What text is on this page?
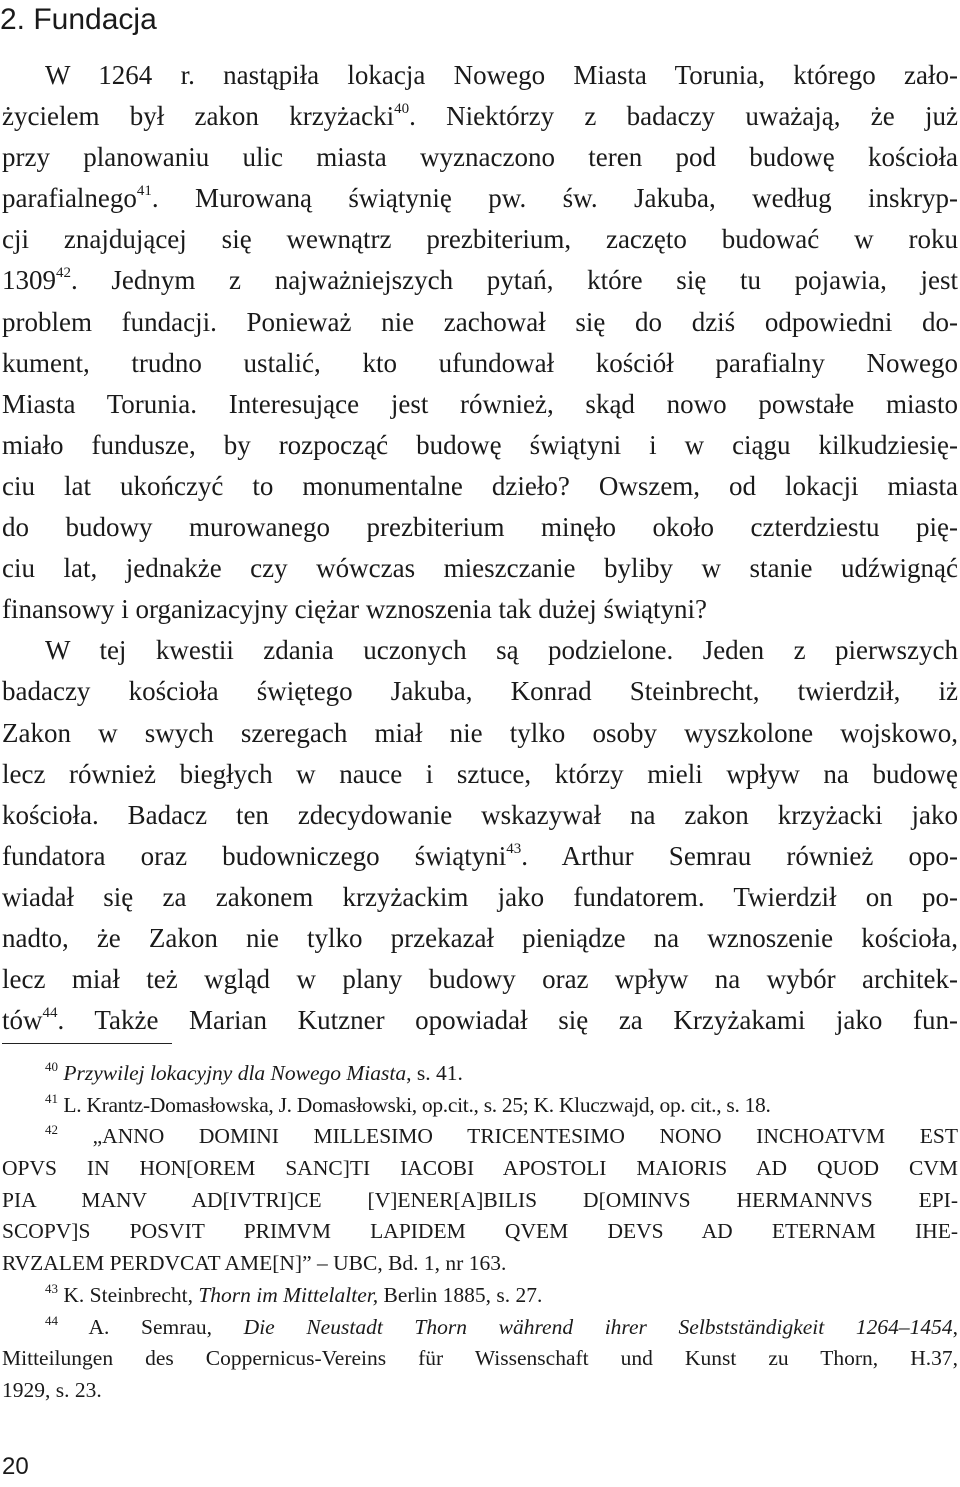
2. Fundacja
W 1264 r. nastąpiła lokacja Nowego Miasta Torunia, którego zało-
życielem był zakon krzyżacki$^{40}$. Niektórzy z badaczy uważają, że już
przy planowaniu ulic miasta wyznaczono teren pod budowę kościoła
parafialnego$^{41}$. Murowaną świątynię pw. św. Jakuba, według inskryp-
cji znajdującej się wewnątrz prezbiterium, zaczęto budować w roku
1309$^{42}$. Jednym z najważniejszych pytań, które się tu pojawia, jest
problem fundacji. Ponieważ nie zachował się do dziś odpowiedni do-
kument, trudno ustalić, kto ufundował kościół parafialny Nowego
Miasta Torunia. Interesujące jest również, skąd nowo powstałe miasto
miało fundusze, by rozpocząć budowę świątyni i w ciągu kilkudziesię-
ciu lat ukończyć to monumentalne dzieło? Owszem, od lokacji miasta
do budowy murowanego prezbiterium minęło około czterdziestu pię-
ciu lat, jednakże czy wówczas mieszczanie byliby w stanie udźwignąć
finansowy i organizacyjny ciężar wznoszenia tak dużej świątyni?
W tej kwestii zdania uczonych są podzielone. Jeden z pierwszych
badaczy kościoła świętego Jakuba, Konrad Steinbrecht, twierdził, iż
Zakon w swych szeregach miał nie tylko osoby wyszkolone wojskowo,
lecz również biegłych w nauce i sztuce, którzy mieli wpływ na budowę
kościoła. Badacz ten zdecydowanie wskazywał na zakon krzyżacki jako
fundatora oraz budowniczego świątyni$^{43}$. Arthur Semrau również opo-
wiadał się za zakonem krzyżackim jako fundatorem. Twierdził on po-
nadto, że Zakon nie tylko przekazał pieniądze na wznoszenie kościoła,
lecz miał też wgląd w plany budowy oraz wpływ na wybór architek-
tów$^{44}$. Także Marian Kutzner opowiadał się za Krzyżakami jako fun-
$^{40}$ Przywilej lokacyjny dla Nowego Miasta, s. 41.
$^{41}$ L. Krantz-Domasłowska, J. Domasłowski, op.cit., s. 25; K. Kluczwajd, op. cit., s. 18.
$^{42}$ „ANNO DOMINI MILLESIMO TRICENTESIMO NONO INCHOATVM EST
OPVS IN HON[OREM SANC]TI IACOBI APOSTOLI MAIORIS AD QUOD CVM
PIA MANV AD[IVTRI]CE [V]ENER[A]BILIS D[OMINVS HERMANNVS EPI-
SCOPV]S POSVIT PRIMVM LAPIDEM QVEM DEVS AD ETERNAM IHE-
RVZALEM PERDVCAT AME[N]” – UBC, Bd. 1, nr 163.
$^{43}$ K. Steinbrecht, Thorn im Mittelalter, Berlin 1885, s. 27.
$^{44}$ A. Semrau, Die Neustadt Thorn während ihrer Selbstständigkeit 1264–1454,
Mitteilungen des Coppernicus-Vereins für Wissenschaft und Kunst zu Thorn, H.37,
1929, s. 23.
20
